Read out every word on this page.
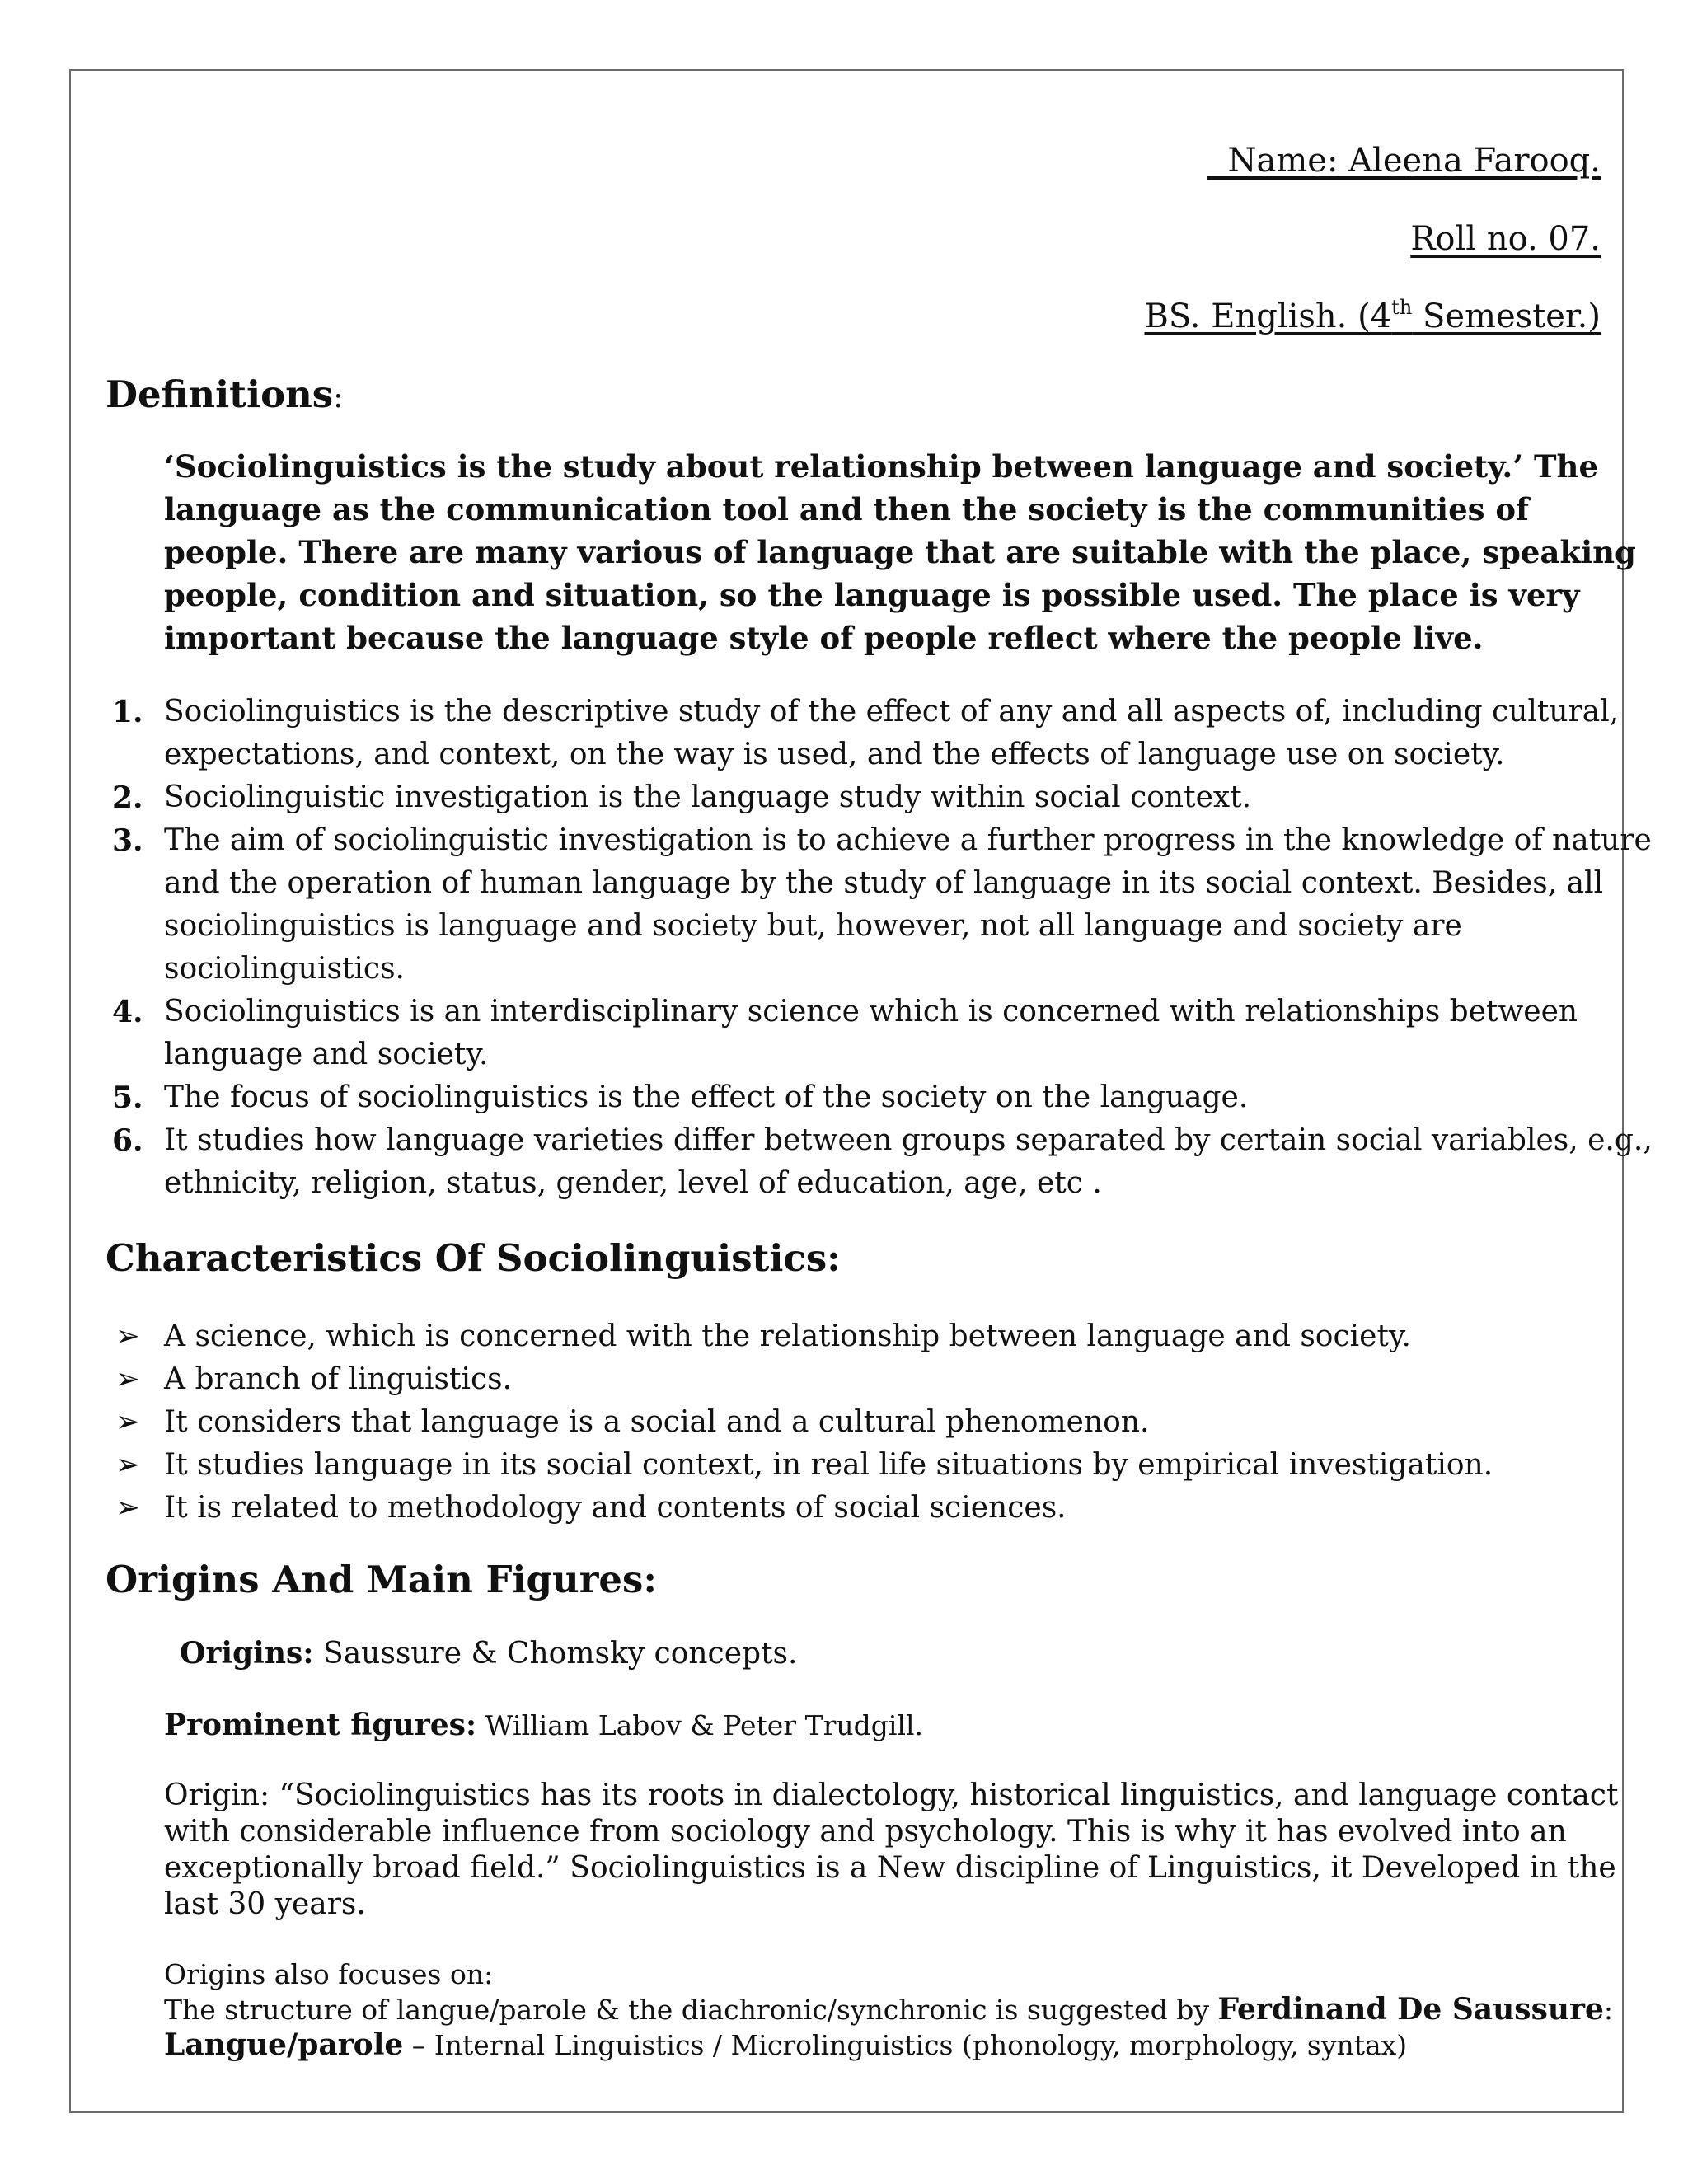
Name: Aleena Farooq.
Roll no. 07.
BS. English. (4th Semester.)
Definitions:

‘Sociolinguistics is the study about relationship between language and society.’ The

language as the communication tool and then the society is the communities of

people. There are many various of language that are suitable with the place, speaking

people, condition and situation, so the language is possible used. The place is very

important because the language style of people reflect where the people live.

1. Sociolinguistics is the descriptive study of the effect of any and all aspects of, including cultural,
expectations, and context, on the way is used, and the effects of language use on society.
2. Sociolinguistic investigation is the language study within social context.
3. The aim of sociolinguistic investigation is to achieve a further progress in the knowledge of nature
and the operation of human language by the study of language in its social context. Besides, all
sociolinguistics is language and society but, however, not all language and society are
sociolinguistics.
4. Sociolinguistics is an interdisciplinary science which is concerned with relationships between
language and society.
5. The focus of sociolinguistics is the effect of the society on the language.
6. It studies how language varieties differ between groups separated by certain social variables, e.g.,
ethnicity, religion, status, gender, level of education, age, etc .
Characteristics Of Sociolinguistics:
➢ A science, which is concerned with the relationship between language and society.
➢ A branch of linguistics.
➢ It considers that language is a social and a cultural phenomenon.
➢ It studies language in its social context, in real life situations by empirical investigation.
➢ It is related to methodology and contents of social sciences.
Origins And Main Figures:
Origins: Saussure & Chomsky concepts.
Prominent figures: William Labov & Peter Trudgill.

Origin: “Sociolinguistics has its roots in dialectology, historical linguistics, and language contact

with considerable influence from sociology and psychology. This is why it has evolved into an

exceptionally broad field.” Sociolinguistics is a New discipline of Linguistics, it Developed in the

last 30 years.

Origins also focuses on:

The structure of langue/parole & the diachronic/synchronic is suggested by Ferdinand De Saussure:

Langue/parole – Internal Linguistics / Microlinguistics (phonology, morphology, syntax)
